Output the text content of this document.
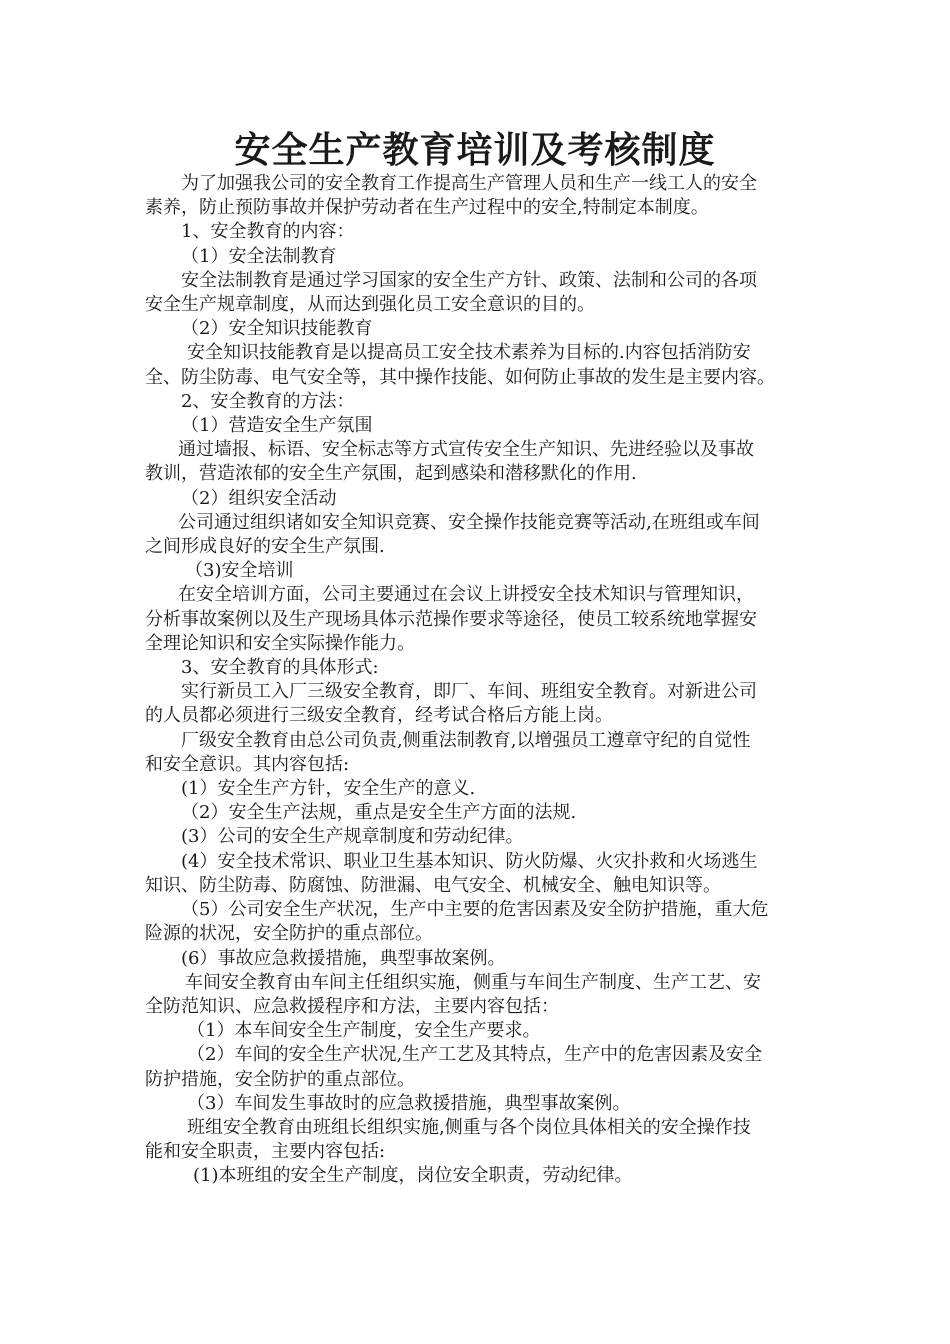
安全生产教育培训及考核制度
为了加强我公司的安全教育工作提高生产管理人员和生产一线工人的安全
素养，防止预防事故并保护劳动者在生产过程中的安全,特制定本制度。
1、安全教育的内容：
（1）安全法制教育
安全法制教育是通过学习国家的安全生产方针、政策、法制和公司的各项
安全生产规章制度，从而达到强化员工安全意识的目的。
（2）安全知识技能教育
安全知识技能教育是以提高员工安全技术素养为目标的.内容包括消防安
全、防尘防毒、电气安全等，其中操作技能、如何防止事故的发生是主要内容。
2、安全教育的方法：
（1）营造安全生产氛围
通过墙报、标语、安全标志等方式宣传安全生产知识、先进经验以及事故
教训，营造浓郁的安全生产氛围，起到感染和潜移默化的作用.
（2）组织安全活动
公司通过组织诸如安全知识竞赛、安全操作技能竞赛等活动,在班组或车间
之间形成良好的安全生产氛围.
（3)安全培训
在安全培训方面，公司主要通过在会议上讲授安全技术知识与管理知识，
分析事故案例以及生产现场具体示范操作要求等途径，使员工较系统地掌握安
全理论知识和安全实际操作能力。
3、安全教育的具体形式:
实行新员工入厂三级安全教育，即厂、车间、班组安全教育。对新进公司
的人员都必须进行三级安全教育，经考试合格后方能上岗。
厂级安全教育由总公司负责,侧重法制教育,以增强员工遵章守纪的自觉性
和安全意识。其内容包括:
(1）安全生产方针，安全生产的意义.
（2）安全生产法规，重点是安全生产方面的法规.
(3）公司的安全生产规章制度和劳动纪律。
(4）安全技术常识、职业卫生基本知识、防火防爆、火灾扑救和火场逃生
知识、防尘防毒、防腐蚀、防泄漏、电气安全、机械安全、触电知识等。
（5）公司安全生产状况，生产中主要的危害因素及安全防护措施，重大危
险源的状况，安全防护的重点部位。
(6）事故应急救援措施，典型事故案例。
车间安全教育由车间主任组织实施，侧重与车间生产制度、生产工艺、安
全防范知识、应急救援程序和方法，主要内容包括：
（1）本车间安全生产制度，安全生产要求。
（2）车间的安全生产状况,生产工艺及其特点，生产中的危害因素及安全
防护措施，安全防护的重点部位。
（3）车间发生事故时的应急救援措施，典型事故案例。
班组安全教育由班组长组织实施,侧重与各个岗位具体相关的安全操作技
能和安全职责，主要内容包括:
(1)本班组的安全生产制度，岗位安全职责，劳动纪律。
